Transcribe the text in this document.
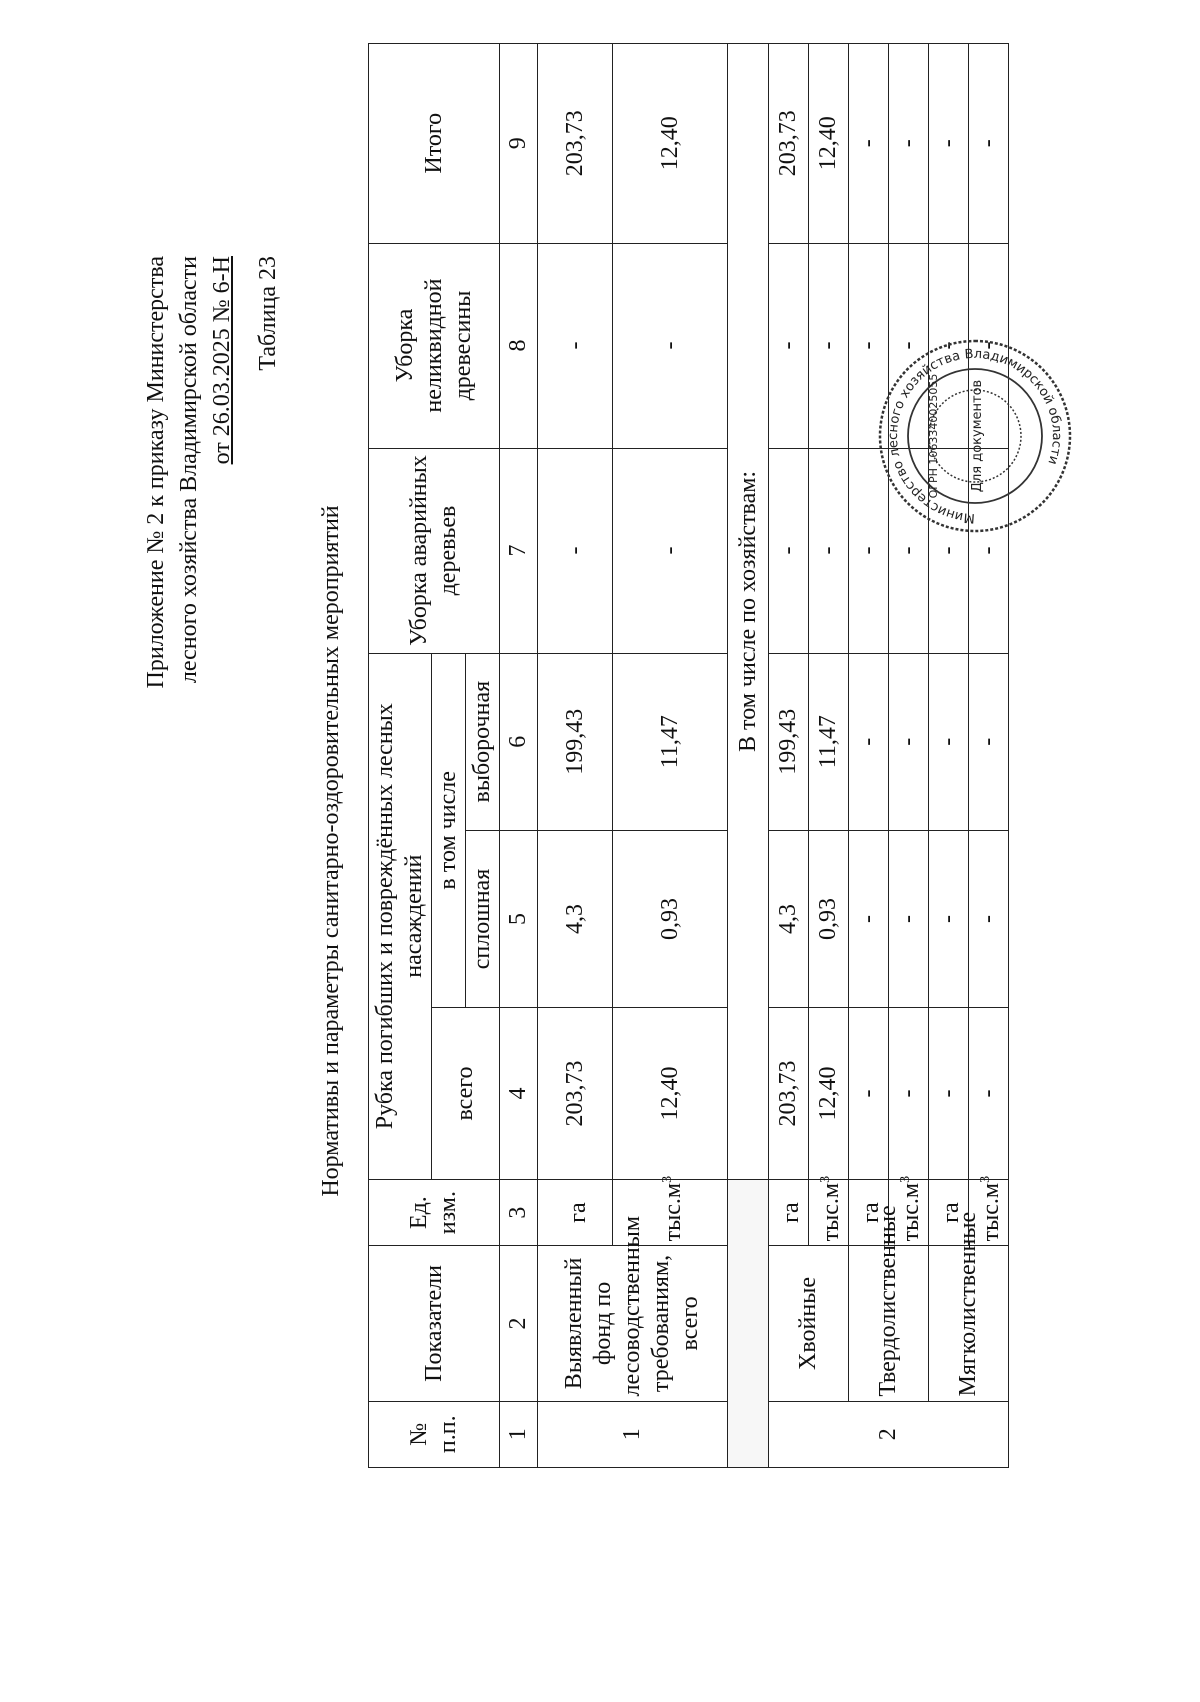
Приложение № 2 к приказу Министерства лесного хозяйства Владимирской области от 26.03.2025 № 6-Н Таблица 23
Нормативы и параметры санитарно-оздоровительных мероприятий
№ п.п.	Показатели	Ед. изм.	Рубка погибших и повреждённых лесных насаждений			Уборка аварийных деревьев	Уборка неликвидной древесины	Итого
			всего	в том числе				
				сплошная	выборочная			
1	2	3	4	5	6	7	8	9
1	Выявленный фонд по лесоводственным требованиям, всего	га	203,73	4,3	199,43	-	-	203,73
		$тыс.м^3$	12,40	0,93	11,47	-	-	12,40
			В том числе по хозяйствам:					
2	Хвойные	га	203,73	4,3	199,43	-	-	203,73
		$тыс.м^3$	12,40	0,93	11,47	-	-	12,40
	Твердолиственные	га	-	-	-	-	-	-
		$тыс.м^3$	-	-	-	-	-	-
	Мягколиственные	га	-	-	-	-	-	-
		$тыс.м^3$	-	-	-	-	-	-
Министерство лесного хозяйства Владимирской области
ОГРН 1063340025055 Для документов
